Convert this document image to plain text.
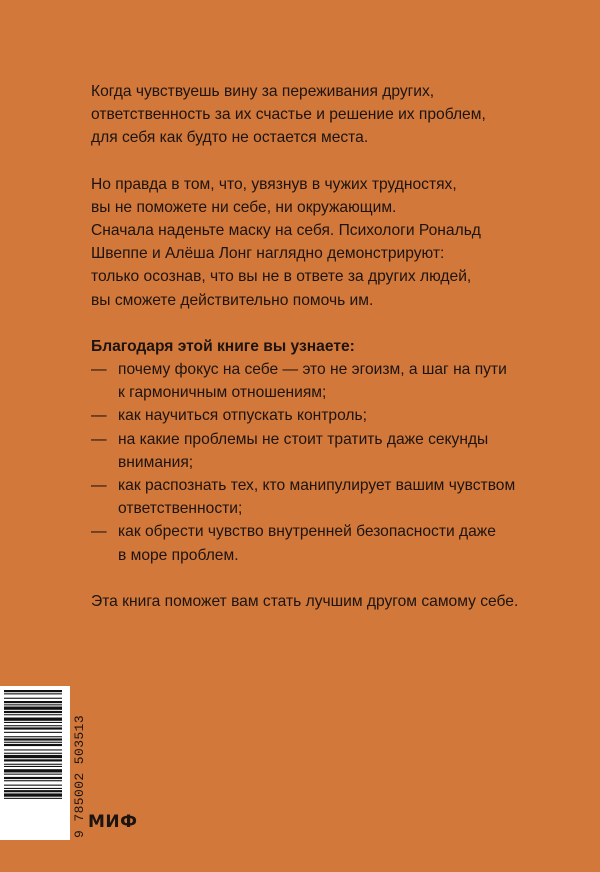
Когда чувствуешь вину за переживания других,
ответственность за их счастье и решение их проблем,
для себя как будто не остается места.

Но правда в том, что, увязнув в чужих трудностях,
вы не поможете ни себе, ни окружающим.
Сначала наденьте маску на себя. Психологи Рональд
Швеппе и Алёша Лонг наглядно демонстрируют:
только осознав, что вы не в ответе за других людей,
вы сможете действительно помочь им.

Благодаря этой книге вы узнаете:
— почему фокус на себе — это не эгоизм, а шаг на пути
к гармоничным отношениям;
— как научиться отпускать контроль;
— на какие проблемы не стоит тратить даже секунды
внимания;
— как распознать тех, кто манипулирует вашим чувством
ответственности;
— как обрести чувство внутренней безопасности даже
в море проблем.

Эта книга поможет вам стать лучшим другом самому себе.

9 785002 503513 МИФ
